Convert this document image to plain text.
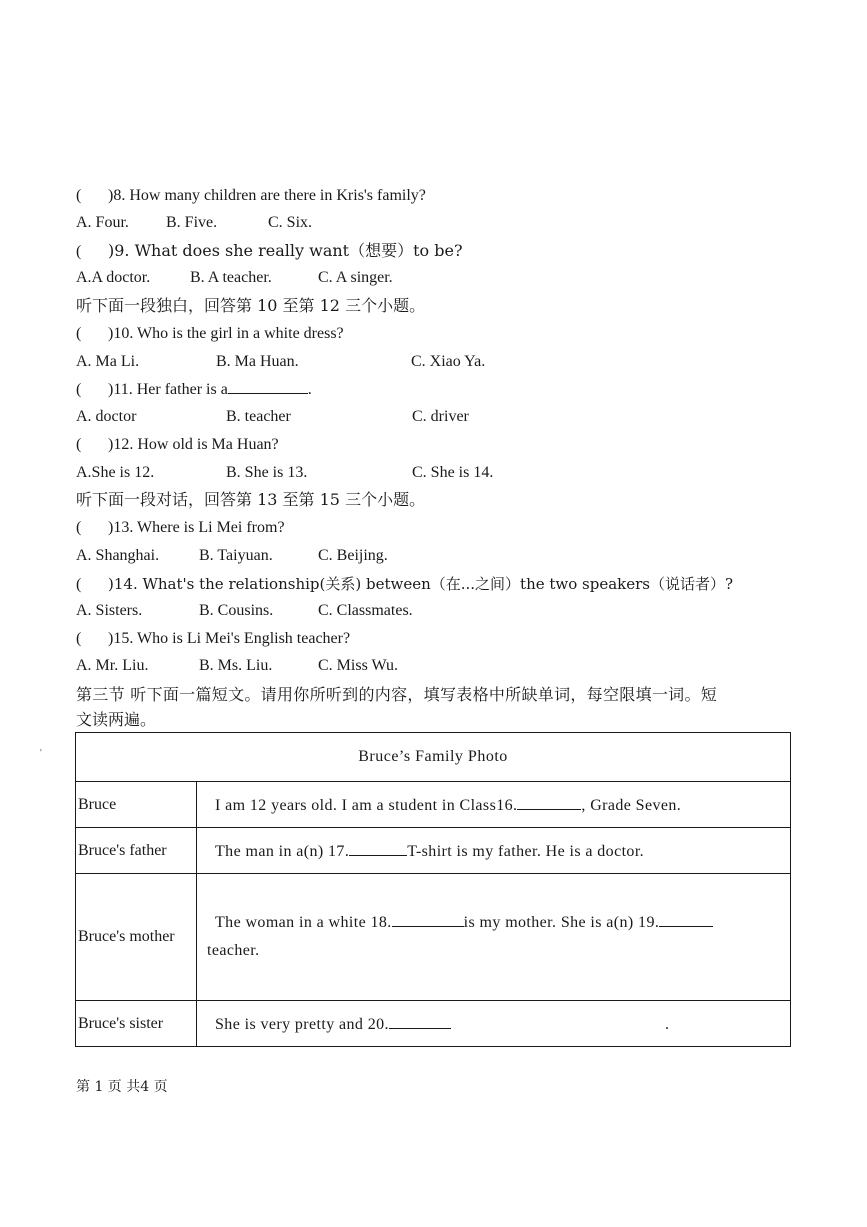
( )8. How many children are there in Kris's family?
A. Four. B. Five.	C. Six.
( )9. What does she really want（想要）to be?
A.A doctor. B. A teacher.	C. A singer.
听下面一段独白，回答第 10 至第 12 三个小题。
( )10. Who is the girl in a white dress?
A. Ma Li.	B. Ma Huan.	C. Xiao Ya.
( )11. Her father is a	.
A. doctor	B. teacher	C. driver
( )12. How old is Ma Huan?
A.She is 12.	B. She is 13.	C. She is 14.
听下面一段对话，回答第 13 至第 15 三个小题。
( )13. Where is Li Mei from?
A. Shanghai. B. Taiyuan.	C. Beijing.
( )14. What's the relationship(关系) between（在...之间）the two speakers（说话者）?
A. Sisters.	B. Cousins.	C. Classmates.
( )15. Who is Li Mei's English teacher?
A. Mr. Liu.	B. Ms. Liu.	C. Miss Wu.
第三节 听下面一篇短文。请用你所听到的内容，填写表格中所缺单词，每空限填一词。短
文读两遍。
'	Bruce’s Family Photo	
Bruce	I am 12 years old. I am a student in Class16. , Grade Seven.
Bruce's father	The man in a(n) 17. T-shirt is my father. He is a doctor.
Bruce's mother	The woman in a white 18. is my mother. She is a(n) 19.
teacher.

Bruce's sister	She is very pretty and 20. .
第 1 页 共4 页
